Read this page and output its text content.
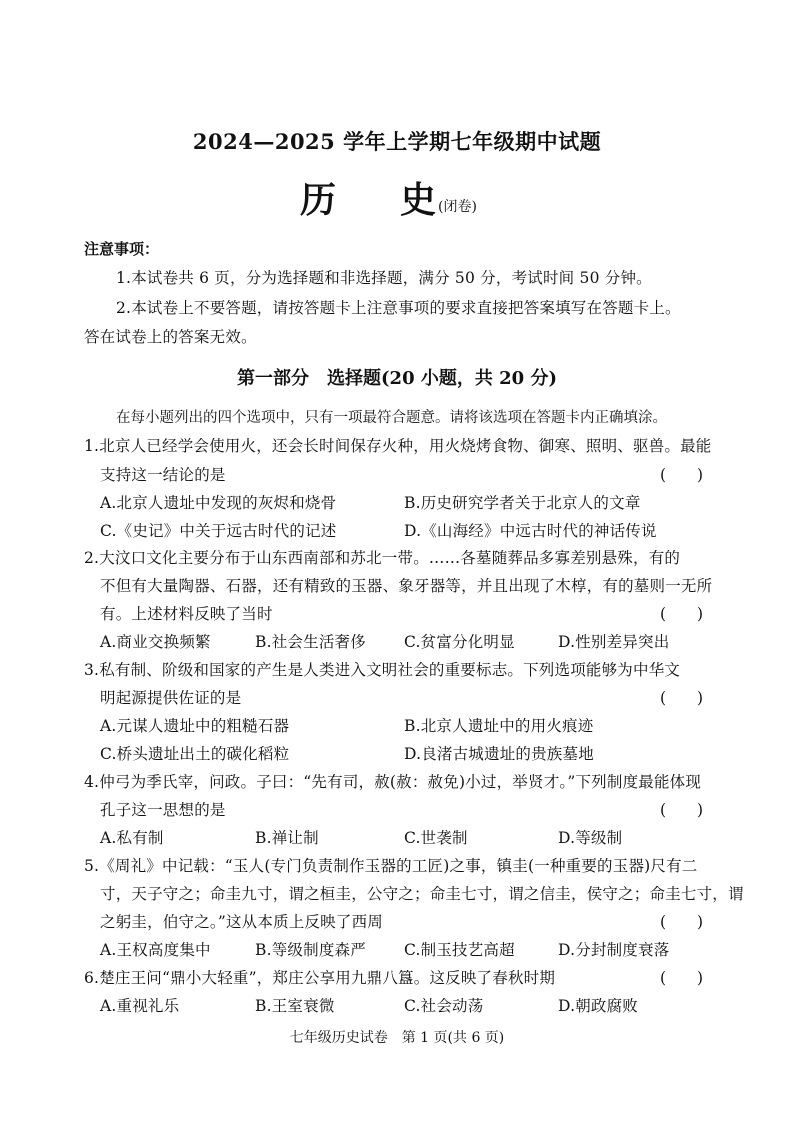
2024—2025 学年上学期七年级期中试题
历 史 (闭卷)
注意事项：
1.本试卷共 6 页，分为选择题和非选择题，满分 50 分，考试时间 50 分钟。
2.本试卷上不要答题，请按答题卡上注意事项的要求直接把答案填写在答题卡上。
答在试卷上的答案无效。
第一部分　选择题(20 小题，共 20 分)
在每小题列出的四个选项中，只有一项最符合题意。请将该选项在答题卡内正确填涂。
1.北京人已经学会使用火，还会长时间保存火种，用火烧烤食物、御寒、照明、驱兽。最能
支持这一结论的是	(　　)
A.北京人遗址中发现的灰烬和烧骨	B.历史研究学者关于北京人的文章
C.《史记》中关于远古时代的记述	D.《山海经》中远古时代的神话传说
2.大汶口文化主要分布于山东西南部和苏北一带。……各墓随葬品多寡差别悬殊，有的
不但有大量陶器、石器，还有精致的玉器、象牙器等，并且出现了木椁，有的墓则一无所
有。上述材料反映了当时	(　　)
A.商业交换频繁	B.社会生活奢侈 C.贫富分化明显	D.性别差异突出
3.私有制、阶级和国家的产生是人类进入文明社会的重要标志。下列选项能够为中华文
明起源提供佐证的是	(　　)
A.元谋人遗址中的粗糙石器	B.北京人遗址中的用火痕迹
C.桥头遗址出土的碳化稻粒	D.良渚古城遗址的贵族墓地
4.仲弓为季氏宰，问政。子曰：“先有司，赦(赦：赦免)小过，举贤才。”下列制度最能体现
孔子这一思想的是	(　　)
A.私有制	B.禅让制	C.世袭制	D.等级制
5.《周礼》中记载：“玉人(专门负责制作玉器的工匠)之事，镇圭(一种重要的玉器)尺有二
寸，天子守之；命圭九寸，谓之桓圭，公守之；命圭七寸，谓之信圭，侯守之；命圭七寸，谓
之躬圭，伯守之。”这从本质上反映了西周	(　　)
A.王权高度集中	B.等级制度森严 C.制玉技艺高超	D.分封制度衰落
6.楚庄王问“鼎小大轻重”，郑庄公享用九鼎八簋。这反映了春秋时期	(　　)
A.重视礼乐	B.王室衰微	C.社会动荡	D.朝政腐败
七年级历史试卷　第 1 页(共 6 页)
